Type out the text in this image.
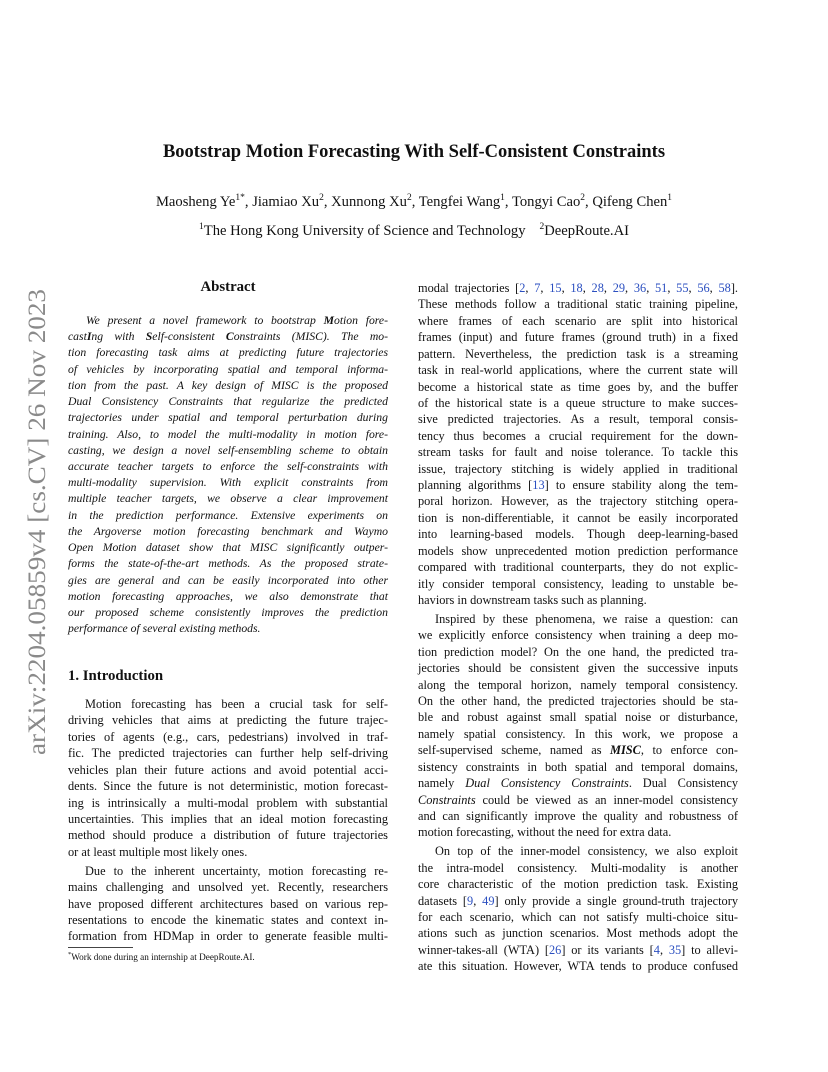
arXiv:2204.05859v4 [cs.CV] 26 Nov 2023
Bootstrap Motion Forecasting With Self-Consistent Constraints
Maosheng $Ye^{1*}$, Jiamiao Xu$^2$, Xunnong Xu$^2$, Tengfei Wang$^1$, Tongyi Cao$^2$, Qifeng Chen$^1$
$^1$The Hong Kong University of Science and Technology $^2$DeepRoute.AI
Abstract
We present a novel framework to bootstrap Motion fore-
castIng with Self-consistent Constraints (MISC). The mo-
tion forecasting task aims at predicting future trajectories
of vehicles by incorporating spatial and temporal informa-
tion from the past. A key design of MISC is the proposed
Dual Consistency Constraints that regularize the predicted
trajectories under spatial and temporal perturbation during
training. Also, to model the multi-modality in motion fore-
casting, we design a novel self-ensembling scheme to obtain
accurate teacher targets to enforce the self-constraints with
multi-modality supervision. With explicit constraints from
multiple teacher targets, we observe a clear improvement
in the prediction performance. Extensive experiments on
the Argoverse motion forecasting benchmark and Waymo
Open Motion dataset show that MISC significantly outper-
forms the state-of-the-art methods. As the proposed strate-
gies are general and can be easily incorporated into other
motion forecasting approaches, we also demonstrate that
our proposed scheme consistently improves the prediction
performance of several existing methods.
1. Introduction
Motion forecasting has been a crucial task for self-
driving vehicles that aims at predicting the future trajec-
tories of agents (e.g., cars, pedestrians) involved in traf-
fic. The predicted trajectories can further help self-driving
vehicles plan their future actions and avoid potential acci-
dents. Since the future is not deterministic, motion forecast-
ing is intrinsically a multi-modal problem with substantial
uncertainties. This implies that an ideal motion forecasting
method should produce a distribution of future trajectories
or at least multiple most likely ones.
Due to the inherent uncertainty, motion forecasting re-
mains challenging and unsolved yet. Recently, researchers
have proposed different architectures based on various rep-
resentations to encode the kinematic states and context in-
formation from HDMap in order to generate feasible multi-
modal trajectories [2, 7, 15, 18, 28, 29, 36, 51, 55, 56, 58].
These methods follow a traditional static training pipeline,
where frames of each scenario are split into historical
frames (input) and future frames (ground truth) in a fixed
pattern. Nevertheless, the prediction task is a streaming
task in real-world applications, where the current state will
become a historical state as time goes by, and the buffer
of the historical state is a queue structure to make succes-
sive predicted trajectories. As a result, temporal consis-
tency thus becomes a crucial requirement for the down-
stream tasks for fault and noise tolerance. To tackle this
issue, trajectory stitching is widely applied in traditional
planning algorithms [13] to ensure stability along the tem-
poral horizon. However, as the trajectory stitching opera-
tion is non-differentiable, it cannot be easily incorporated
into learning-based models. Though deep-learning-based
models show unprecedented motion prediction performance
compared with traditional counterparts, they do not explic-
itly consider temporal consistency, leading to unstable be-
haviors in downstream tasks such as planning.
Inspired by these phenomena, we raise a question: can
we explicitly enforce consistency when training a deep mo-
tion prediction model? On the one hand, the predicted tra-
jectories should be consistent given the successive inputs
along the temporal horizon, namely temporal consistency.
On the other hand, the predicted trajectories should be sta-
ble and robust against small spatial noise or disturbance,
namely spatial consistency. In this work, we propose a
self-supervised scheme, named as MISC, to enforce con-
sistency constraints in both spatial and temporal domains,
namely Dual Consistency Constraints. Dual Consistency
Constraints could be viewed as an inner-model consistency
and can significantly improve the quality and robustness of
motion forecasting, without the need for extra data.
On top of the inner-model consistency, we also exploit
the intra-model consistency. Multi-modality is another
core characteristic of the motion prediction task. Existing
datasets [9, 49] only provide a single ground-truth trajectory
for each scenario, which can not satisfy multi-choice situ-
ations such as junction scenarios. Most methods adopt the
winner-takes-all (WTA) [26] or its variants [4, 35] to allevi-
ate this situation. However, WTA tends to produce confused
*Work done during an internship at DeepRoute.AI.
